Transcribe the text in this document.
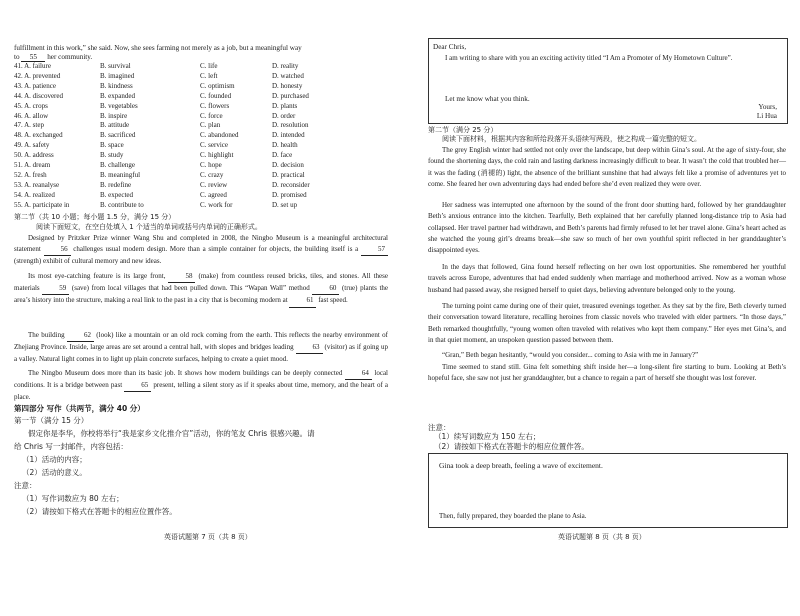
fulfillment in this work,” she said. Now, she sees farming not merely as a job, but a meaningful way
to 55 her community.
41. A. failure	B. survival	C. life	D. reality
42. A. prevented	B. imagined	C. left	D. watched
43. A. patience	B. kindness	C. optimism	D. honesty
44. A. discovered	B. expanded	C. founded	D. purchased
45. A. crops	B. vegetables	C. flowers	D. plants
46. A. allow	B. inspire	C. force	D. order
47. A. step	B. attitude	C. plan	D. resolution
48. A. exchanged	B. sacrificed	C. abandoned	D. intended
49. A. safety	B. space	C. service	D. health
50. A. address	B. study	C. highlight	D. face
51. A. dream	B. challenge	C. hope	D. decision
52. A. fresh	B. meaningful	C. crazy	D. practical
53. A. reanalyse	B. redefine	C. review	D. reconsider
54. A. realized	B. expected	C. agreed	D. promised
55. A. participate in	B. contribute to	C. work for	D. set up
第二节（共 10 小题；每小题 1.5 分，满分 15 分）
阅读下面短文，在空白处填入 1 个适当的单词或括号内单词的正确形式。
Designed by Pritzker Prize winner Wang Shu and completed in 2008, the Ningbo Museum is a meaningful architectural statement 56 challenges usual modern design. More than a simple container for objects, the building itself is a 57 (strength) exhibit of cultural memory and new ideas.
Its most eye-catching feature is its large front, 58 (make) from countless reused bricks, tiles, and stones. All these materials 59 (save) from local villages that had been pulled down. This “Wapan Wall” method 60 (true) plants the area’s history into the structure, making a real link to the past in a city that is becoming modern at 61 fast speed.
The building 62 (look) like a mountain or an old rock coming from the earth. This reflects the nearby environment of Zhejiang Province. Inside, large areas are set around a central hall, with slopes and bridges leading 63 (visitor) as if going up a valley. Natural light comes in to light up plain concrete surfaces, helping to create a quiet mood.
The Ningbo Museum does more than its basic job. It shows how modern buildings can be deeply connected 64 local conditions. It is a bridge between past 65 present, telling a silent story as if it speaks about time, memory, and the heart of a place.
第四部分 写作（共两节，满分 40 分）
第一节（满分 15 分）
假定你是李华，你校将举行“我是家乡文化推介官”活动，你的笔友 Chris 很感兴趣。请
给 Chris 写一封邮件，内容包括：
（1）活动的内容；
（2）活动的意义。
注意：
（1）写作词数应为 80 左右；
（2）请按如下格式在答题卡的相应位置作答。
英语试题第 7 页（共 8 页）
Dear Chris,
I am writing to share with you an exciting activity titled “I Am a Promoter of My Hometown Culture”.
Let me know what you think.
Yours,
Li Hua
第二节（满分 25 分）
阅读下面材料，根据其内容和所给段落开头语续写两段，使之构成一篇完整的短文。
The grey English winter had settled not only over the landscape, but deep within Gina’s soul. At the age of sixty-four, she found the shortening days, the cold rain and lasting darkness increasingly difficult to bear. It wasn’t the cold that troubled her—it was the fading (消褪的) light, the absence of the brilliant sunshine that had always felt like a promise of adventures yet to come. She feared her own adventuring days had ended before she’d even realized they were over.
Her sadness was interrupted one afternoon by the sound of the front door shutting hard, followed by her granddaughter Beth’s anxious entrance into the kitchen. Tearfully, Beth explained that her carefully planned long-distance trip to Asia had collapsed. Her travel partner had withdrawn, and Beth’s parents had firmly refused to let her travel alone. Gina’s heart ached as she watched the young girl’s dreams break—she saw so much of her own youthful spirit reflected in her granddaughter’s disappointed eyes.
In the days that followed, Gina found herself reflecting on her own lost opportunities. She remembered her youthful travels across Europe, adventures that had ended suddenly when marriage and motherhood arrived. Now as a woman whose husband had passed away, she resigned herself to quiet days, believing adventure belonged only to the young.
The turning point came during one of their quiet, treasured evenings together. As they sat by the fire, Beth cleverly turned their conversation toward literature, recalling heroines from classic novels who traveled with elder partners. “In those days,” Beth remarked thoughtfully, “young women often traveled with relatives who kept them company.” Her eyes met Gina’s, and in that quiet moment, an unspoken question passed between them.
“Gran,” Beth began hesitantly, “would you consider... coming to Asia with me in January?”
Time seemed to stand still. Gina felt something shift inside her—a long-silent fire starting to burn. Looking at Beth’s hopeful face, she saw not just her granddaughter, but a chance to regain a part of herself she thought was lost forever.
注意：
（1）续写词数应为 150 左右；
（2）请按如下格式在答题卡的相应位置作答。
Gina took a deep breath, feeling a wave of excitement.
Then, fully prepared, they boarded the plane to Asia.
英语试题第 8 页（共 8 页）
